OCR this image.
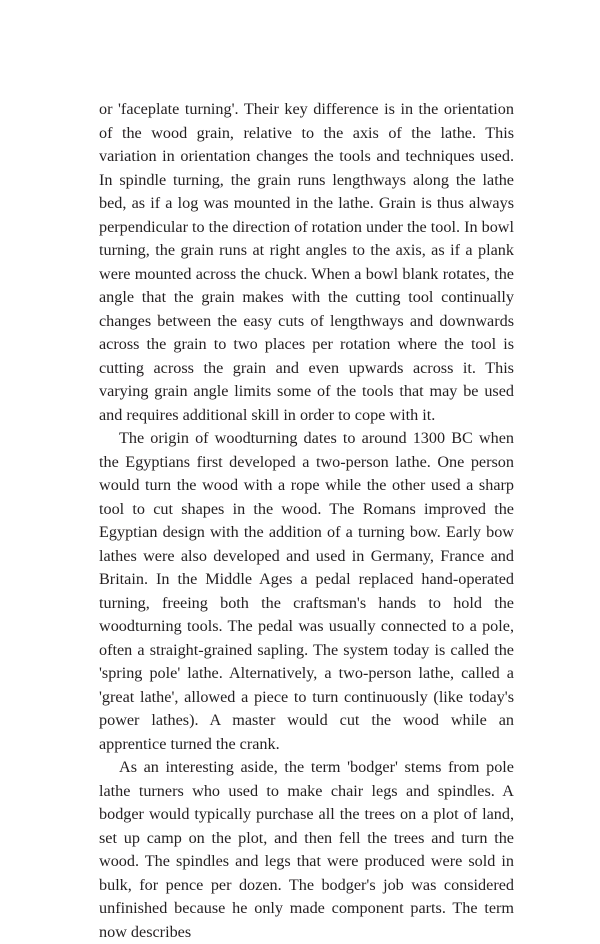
or 'faceplate turning'. Their key difference is in the orientation of the wood grain, relative to the axis of the lathe. This variation in orientation changes the tools and techniques used. In spindle turning, the grain runs lengthways along the lathe bed, as if a log was mounted in the lathe. Grain is thus always perpendicular to the direction of rotation under the tool. In bowl turning, the grain runs at right angles to the axis, as if a plank were mounted across the chuck. When a bowl blank rotates, the angle that the grain makes with the cutting tool continually changes between the easy cuts of lengthways and downwards across the grain to two places per rotation where the tool is cutting across the grain and even upwards across it. This varying grain angle limits some of the tools that may be used and requires additional skill in order to cope with it.

The origin of woodturning dates to around 1300 BC when the Egyptians first developed a two-person lathe. One person would turn the wood with a rope while the other used a sharp tool to cut shapes in the wood. The Romans improved the Egyptian design with the addition of a turning bow. Early bow lathes were also developed and used in Germany, France and Britain. In the Middle Ages a pedal replaced hand-operated turning, freeing both the craftsman's hands to hold the woodturning tools. The pedal was usually connected to a pole, often a straight-grained sapling. The system today is called the 'spring pole' lathe. Alternatively, a two-person lathe, called a 'great lathe', allowed a piece to turn continuously (like today's power lathes). A master would cut the wood while an apprentice turned the crank.

As an interesting aside, the term 'bodger' stems from pole lathe turners who used to make chair legs and spindles. A bodger would typically purchase all the trees on a plot of land, set up camp on the plot, and then fell the trees and turn the wood. The spindles and legs that were produced were sold in bulk, for pence per dozen. The bodger's job was considered unfinished because he only made component parts. The term now describes
